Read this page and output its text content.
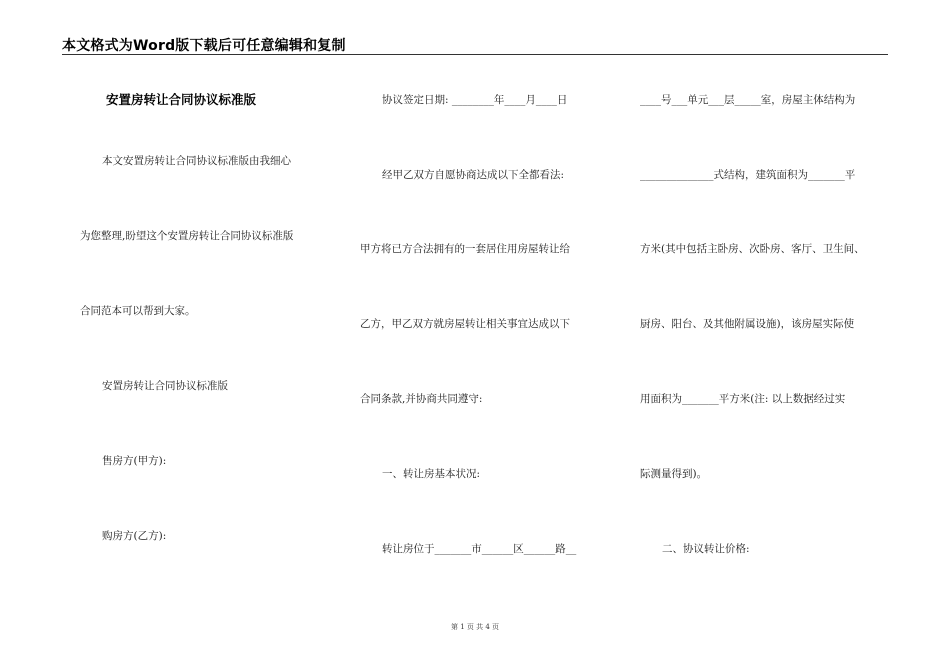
本文格式为Word版下载后可任意编辑和复制
安置房转让合同协议标准版
本文安置房转让合同协议标准版由我细心
为您整理,盼望这个安置房转让合同协议标准版
合同范本可以帮到大家。
安置房转让合同协议标准版
售房方(甲方):
购房方(乙方):
协议签定日期: ________年____月____日
经甲乙双方自愿协商达成以下全都看法:
甲方将已方合法拥有的一套居住用房屋转让给
乙方，甲乙双方就房屋转让相关事宜达成以下
合同条款,并协商共同遵守:
一、转让房基本状况:
转让房位于_______市______区______路__
____号___单元___层_____室，房屋主体结构为
______________式结构，建筑面积为_______平
方米(其中包括主卧房、次卧房、客厅、卫生间、
厨房、阳台、及其他附属设施)，该房屋实际使
用面积为_______平方米(注: 以上数据经过实
际测量得到)。
二、协议转让价格:
第 1 页 共 4 页
